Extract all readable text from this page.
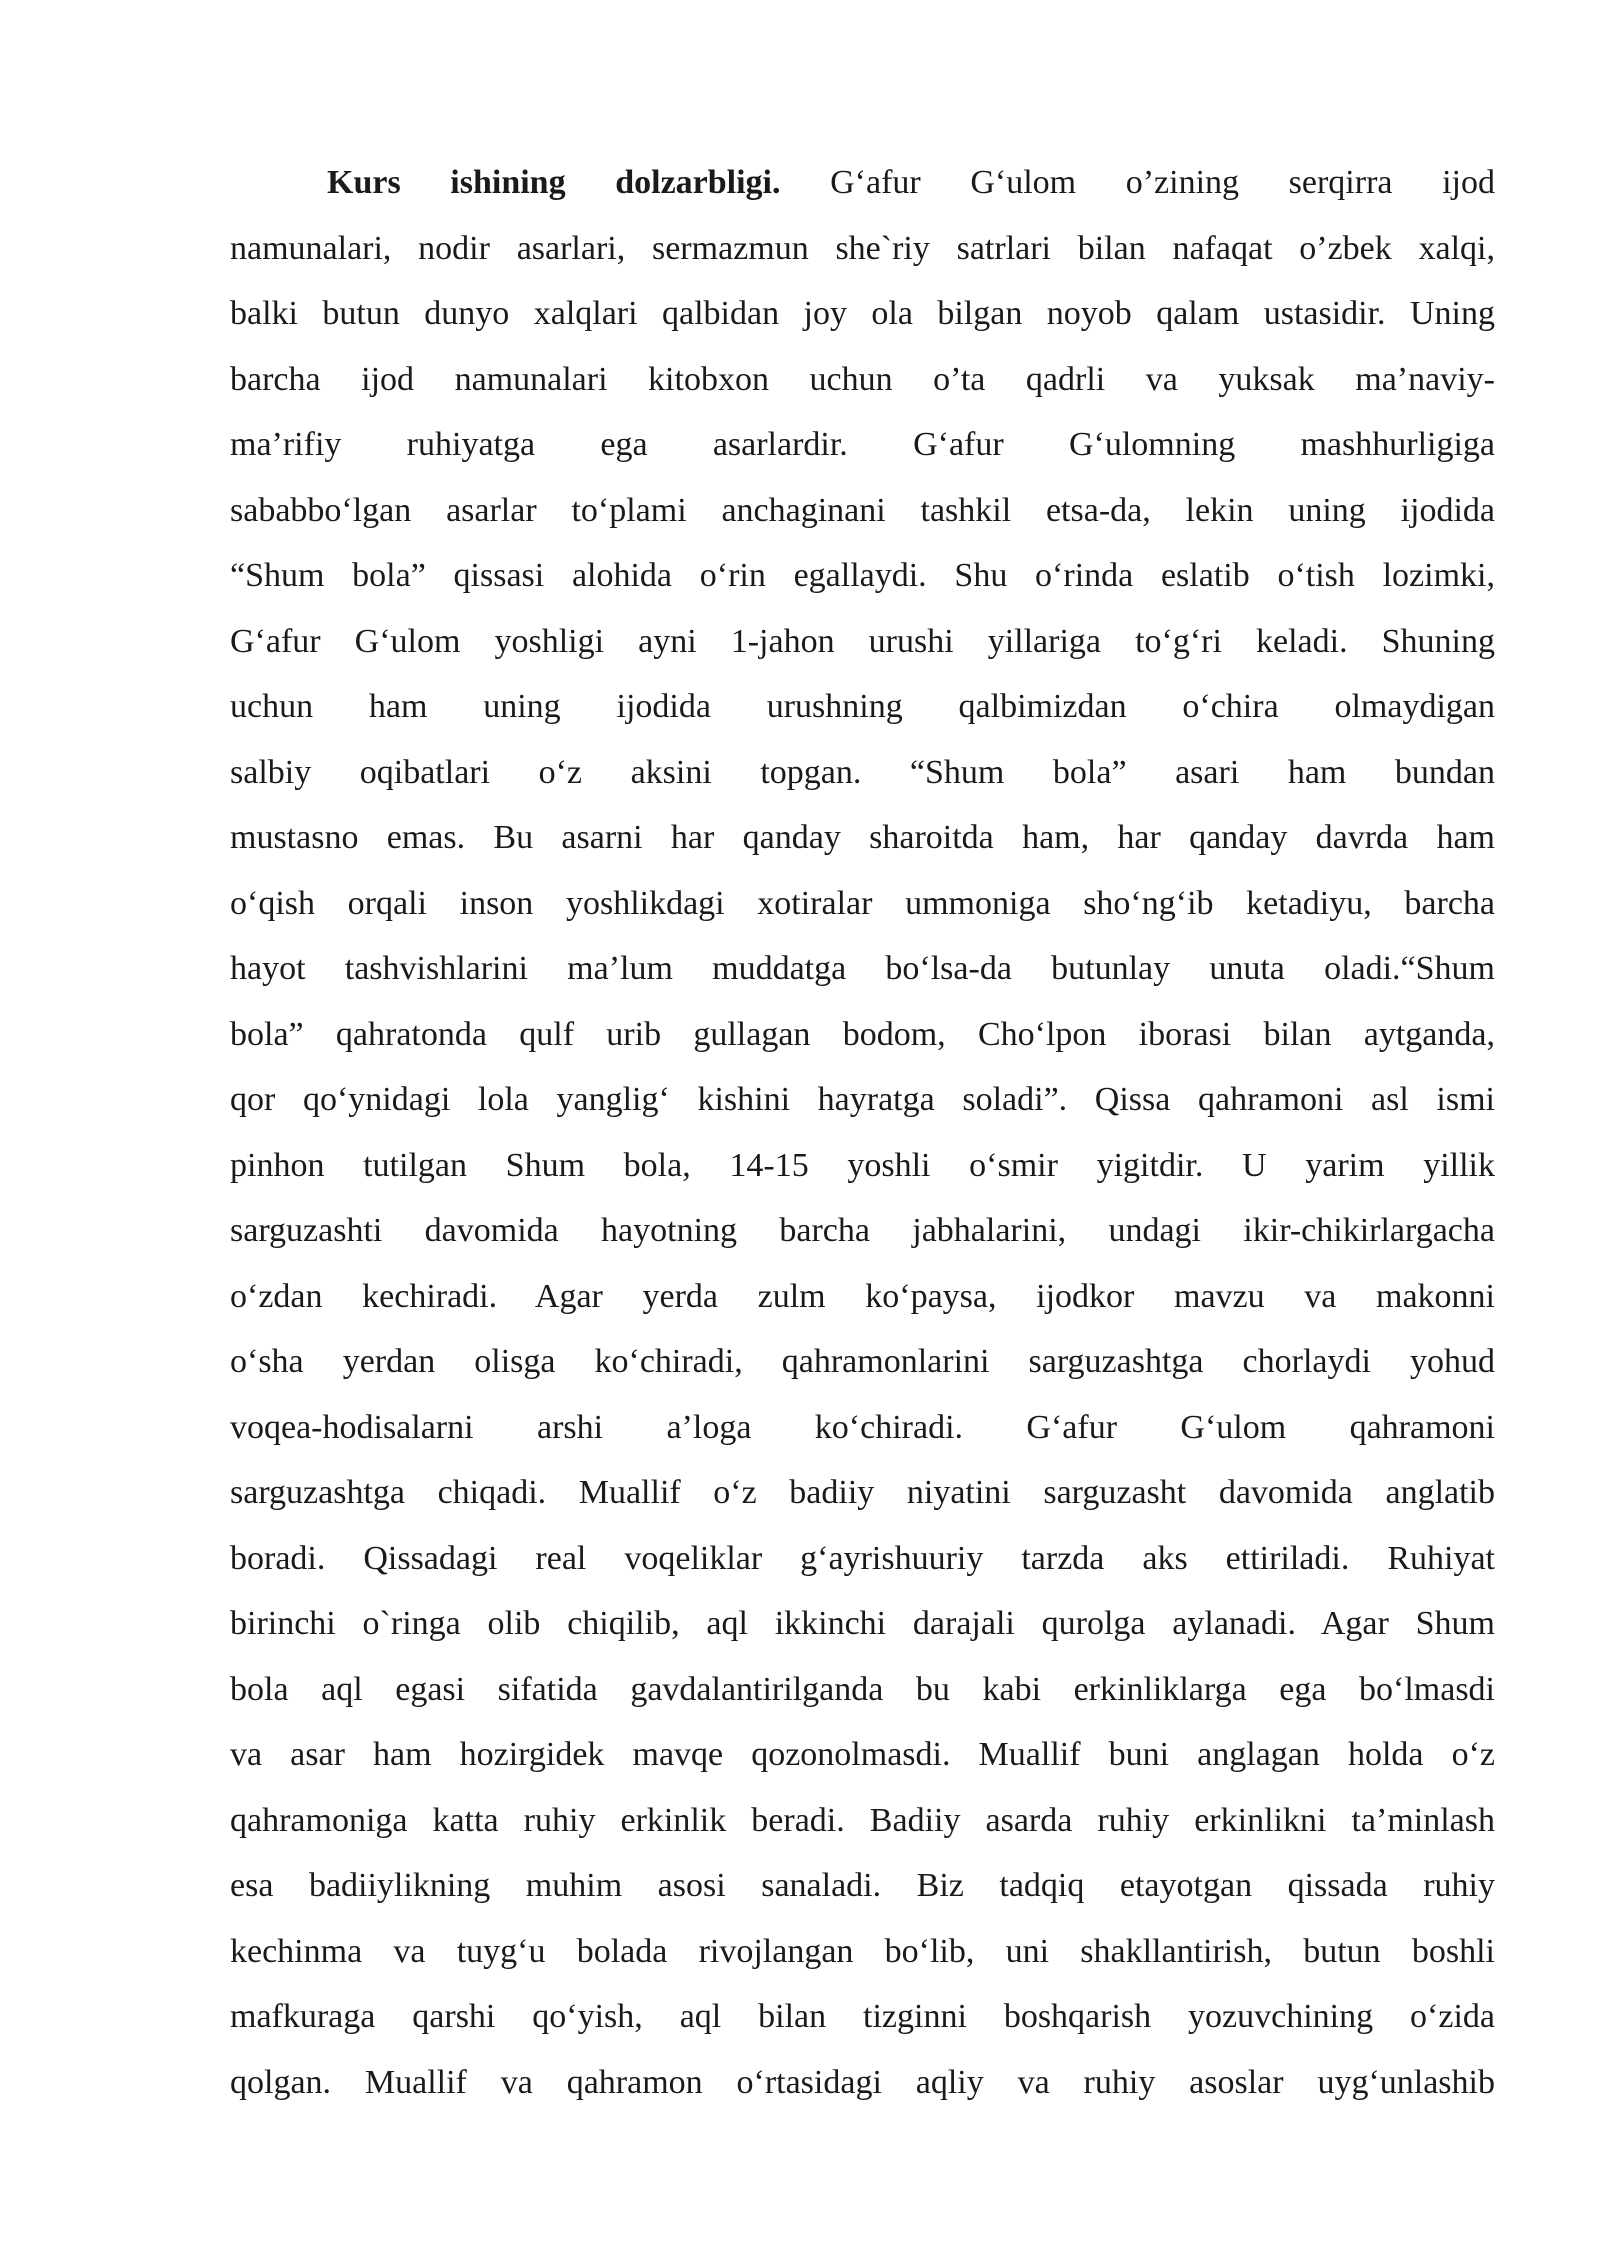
Kurs ishining dolzarbligi. G‘afur G‘ulom o’zining serqirra ijod
namunalari, nodir asarlari, sermazmun she`riy satrlari bilan nafaqat o’zbek xalqi,
balki butun dunyo xalqlari qalbidan joy ola bilgan noyob qalam ustasidir. Uning
barcha ijod namunalari kitobxon uchun o’ta qadrli va yuksak ma’naviy-
ma’rifiy ruhiyatga ega asarlardir. G‘afur G‘ulomning mashhurligiga
sababbo‘lgan asarlar to‘plami anchaginani tashkil etsa-da, lekin uning ijodida
“Shum bola” qissasi alohida o‘rin egallaydi. Shu o‘rinda eslatib o‘tish lozimki,
G‘afur G‘ulom yoshligi ayni 1-jahon urushi yillariga to‘g‘ri keladi. Shuning
uchun ham uning ijodida urushning qalbimizdan o‘chira olmaydigan
salbiy oqibatlari o‘z aksini topgan. “Shum bola” asari ham bundan
mustasno emas. Bu asarni har qanday sharoitda ham, har qanday davrda ham
o‘qish orqali inson yoshlikdagi xotiralar ummoniga sho‘ng‘ib ketadiyu, barcha
hayot tashvishlarini ma’lum muddatga bo‘lsa-da butunlay unuta oladi.“Shum
bola” qahratonda qulf urib gullagan bodom, Cho‘lpon iborasi bilan aytganda,
qor qo‘ynidagi lola yanglig‘ kishini hayratga soladi”. Qissa qahramoni asl ismi
pinhon tutilgan Shum bola, 14-15 yoshli o‘smir yigitdir. U yarim yillik
sarguzashti davomida hayotning barcha jabhalarini, undagi ikir-chikirlargacha
o‘zdan kechiradi. Agar yerda zulm ko‘paysa, ijodkor mavzu va makonni
o‘sha yerdan olisga ko‘chiradi, qahramonlarini sarguzashtga chorlaydi yohud
voqea-hodisalarni arshi a’loga ko‘chiradi. G‘afur G‘ulom qahramoni
sarguzashtga chiqadi. Muallif o‘z badiiy niyatini sarguzasht davomida anglatib
boradi. Qissadagi real voqeliklar g‘ayrishuuriy tarzda aks ettiriladi. Ruhiyat
birinchi o`ringa olib chiqilib, aql ikkinchi darajali qurolga aylanadi. Agar Shum
bola aql egasi sifatida gavdalantirilganda bu kabi erkinliklarga ega bo‘lmasdi
va asar ham hozirgidek mavqe qozonolmasdi. Muallif buni anglagan holda o‘z
qahramoniga katta ruhiy erkinlik beradi. Badiiy asarda ruhiy erkinlikni ta’minlash
esa badiiylikning muhim asosi sanaladi. Biz tadqiq etayotgan qissada ruhiy
kechinma va tuyg‘u bolada rivojlangan bo‘lib, uni shakllantirish, butun boshli
mafkuraga qarshi qo‘yish, aql bilan tizginni boshqarish yozuvchining o‘zida
qolgan. Muallif va qahramon o‘rtasidagi aqliy va ruhiy asoslar uyg‘unlashib
